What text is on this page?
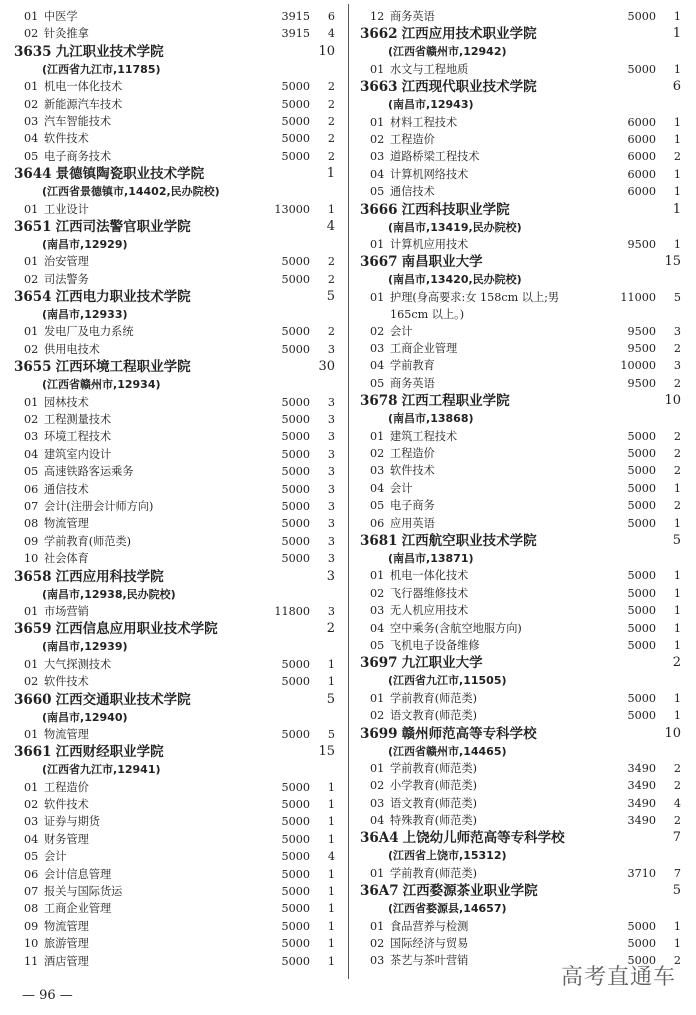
01 中医学	3915 6
02 针灸推拿	3915 4
3635 九江职业技术学院	10
(江西省九江市,11785)
01 机电一体化技术	5000 2
02 新能源汽车技术	5000 2
03 汽车智能技术	5000 2
04 软件技术	5000 2
05 电子商务技术	5000 2
3644 景德镇陶瓷职业技术学院	1
(江西省景德镇市,14402,民办院校)
01 工业设计	13000 1
3651 江西司法警官职业学院	4
(南昌市,12929)
01 治安管理	5000 2
02 司法警务	5000 2
3654 江西电力职业技术学院	5
(南昌市,12933)
01 发电厂及电力系统	5000 2
02 供用电技术	5000 3
3655 江西环境工程职业学院	30
(江西省赣州市,12934)
01 园林技术	5000 3
02 工程测量技术	5000 3
03 环境工程技术	5000 3
04 建筑室内设计	5000 3
05 高速铁路客运乘务	5000 3
06 通信技术	5000 3
07 会计(注册会计师方向)	5000 3
08 物流管理	5000 3
09 学前教育(师范类)	5000 3
10 社会体育	5000 3
3658 江西应用科技学院	3
(南昌市,12938,民办院校)
01 市场营销	11800 3
3659 江西信息应用职业技术学院	2
(南昌市,12939)
01 大气探测技术	5000 1
02 软件技术	5000 1
3660 江西交通职业技术学院	5
(南昌市,12940)
01 物流管理	5000 5
3661 江西财经职业学院	15
(江西省九江市,12941)
01 工程造价	5000 1
02 软件技术	5000 1
03 证券与期货	5000 1
04 财务管理	5000 1
05 会计	5000 4
06 会计信息管理	5000 1
07 报关与国际货运	5000 1
08 工商企业管理	5000 1
09 物流管理	5000 1
10 旅游管理	5000 1
11 酒店管理	5000 1
12 商务英语	5000 1
3662 江西应用技术职业学院	1
(江西省赣州市,12942)
01 水文与工程地质	5000 1
3663 江西现代职业技术学院	6
(南昌市,12943)
01 材料工程技术	6000 1
02 工程造价	6000 1
03 道路桥梁工程技术	6000 2
04 计算机网络技术	6000 1
05 通信技术	6000 1
3666 江西科技职业学院	1
(南昌市,13419,民办院校)
01 计算机应用技术	9500 1
3667 南昌职业大学	15
(南昌市,13420,民办院校)
01 护理(身高要求:女 158cm 以上;男 165cm 以上。)
11000 5
02 会计	9500 3
03 工商企业管理	9500 2
04 学前教育	10000 3
05 商务英语	9500 2
3678 江西工程职业学院	10
(南昌市,13868)
01 建筑工程技术	5000 2
02 工程造价	5000 2
03 软件技术	5000 2
04 会计	5000 1
05 电子商务	5000 2
06 应用英语	5000 1
3681 江西航空职业技术学院	5
(南昌市,13871)
01 机电一体化技术	5000 1
02 飞行器维修技术	5000 1
03 无人机应用技术	5000 1
04 空中乘务(含航空地服方向)	5000 1
05 飞机电子设备维修	5000 1
3697 九江职业大学	2
(江西省九江市,11505)
01 学前教育(师范类)	5000 1
02 语文教育(师范类)	5000 1
3699 赣州师范高等专科学校	10
(江西省赣州市,14465)
01 学前教育(师范类)	3490 2
02 小学教育(师范类)	3490 2
03 语文教育(师范类)	3490 4
04 特殊教育(师范类)	3490 2
36A4 上饶幼儿师范高等专科学校	7
(江西省上饶市,15312)
01 学前教育(师范类)	3710 7
36A7 江西婺源茶业职业学院	5
(江西省婺源县,14657)
01 食品营养与检测	5000 1
02 国际经济与贸易	5000 1
03 茶艺与茶叶营销	5000 2
— 96 —
高考直通车
